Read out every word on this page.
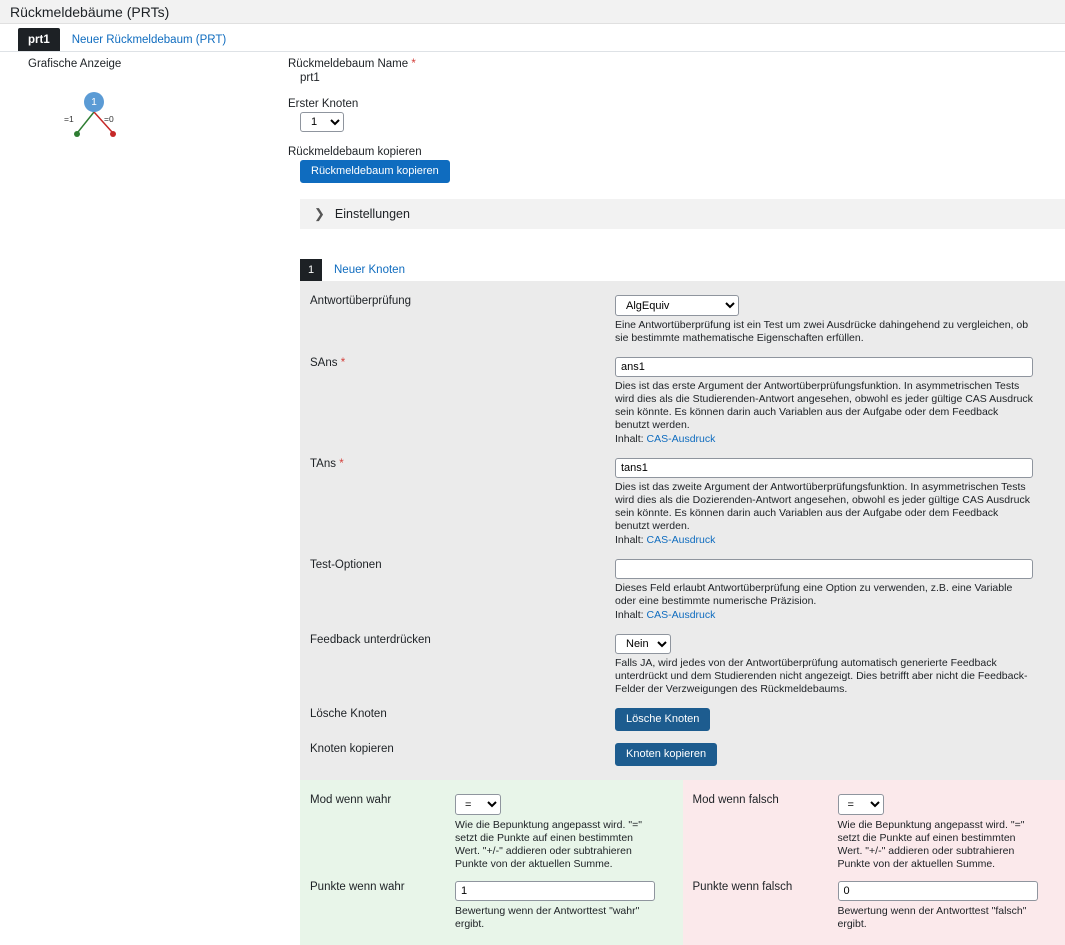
Rückmeldebäume (PRTs)
prt1	Neuer Rückmeldebaum (PRT)
Grafische Anzeige
1
=1	=0
Rückmeldebaum Name *
prt1
Erster Knoten
1
Rückmeldebaum kopieren
Rückmeldebaum kopieren
❯ Einstellungen
1	Neuer Knoten
Antwortüberprüfung
AlgEquiv
Eine Antwortüberprüfung ist ein Test um zwei Ausdrücke dahingehend zu vergleichen, ob sie bestimmte mathematische Eigenschaften erfüllen.
SAns *
ans1
Dies ist das erste Argument der Antwortüberprüfungsfunktion. In asymmetrischen Tests wird dies als die Studierenden-Antwort angesehen, obwohl es jeder gültige CAS Ausdruck sein könnte. Es können darin auch Variablen aus der Aufgabe oder dem Feedback benutzt werden.
Inhalt: CAS-Ausdruck
TAns *
tans1
Dies ist das zweite Argument der Antwortüberprüfungsfunktion. In asymmetrischen Tests wird dies als die Dozierenden-Antwort angesehen, obwohl es jeder gültige CAS Ausdruck sein könnte. Es können darin auch Variablen aus der Aufgabe oder dem Feedback benutzt werden.
Inhalt: CAS-Ausdruck
Test-Optionen
Dieses Feld erlaubt Antwortüberprüfung eine Option zu verwenden, z.B. eine Variable oder eine bestimmte numerische Präzision.
Inhalt: CAS-Ausdruck
Feedback unterdrücken
Nein
Falls JA, wird jedes von der Antwortüberprüfung automatisch generierte Feedback unterdrückt und dem Studierenden nicht angezeigt. Dies betrifft aber nicht die Feedback-Felder der Verzweigungen des Rückmeldebaums.
Lösche Knoten	Lösche Knoten
Knoten kopieren	Knoten kopieren
Mod wenn wahr
=
Wie die Bepunktung angepasst wird. "=" setzt die Punkte auf einen bestimmten Wert. "+/-" addieren oder subtrahieren Punkte von der aktuellen Summe.
Punkte wenn wahr
1
Bewertung wenn der Antworttest "wahr" ergibt.
Mod wenn falsch
=
Wie die Bepunktung angepasst wird. "=" setzt die Punkte auf einen bestimmten Wert. "+/-" addieren oder subtrahieren Punkte von der aktuellen Summe.
Punkte wenn falsch
0
Bewertung wenn der Antworttest "falsch" ergibt.
